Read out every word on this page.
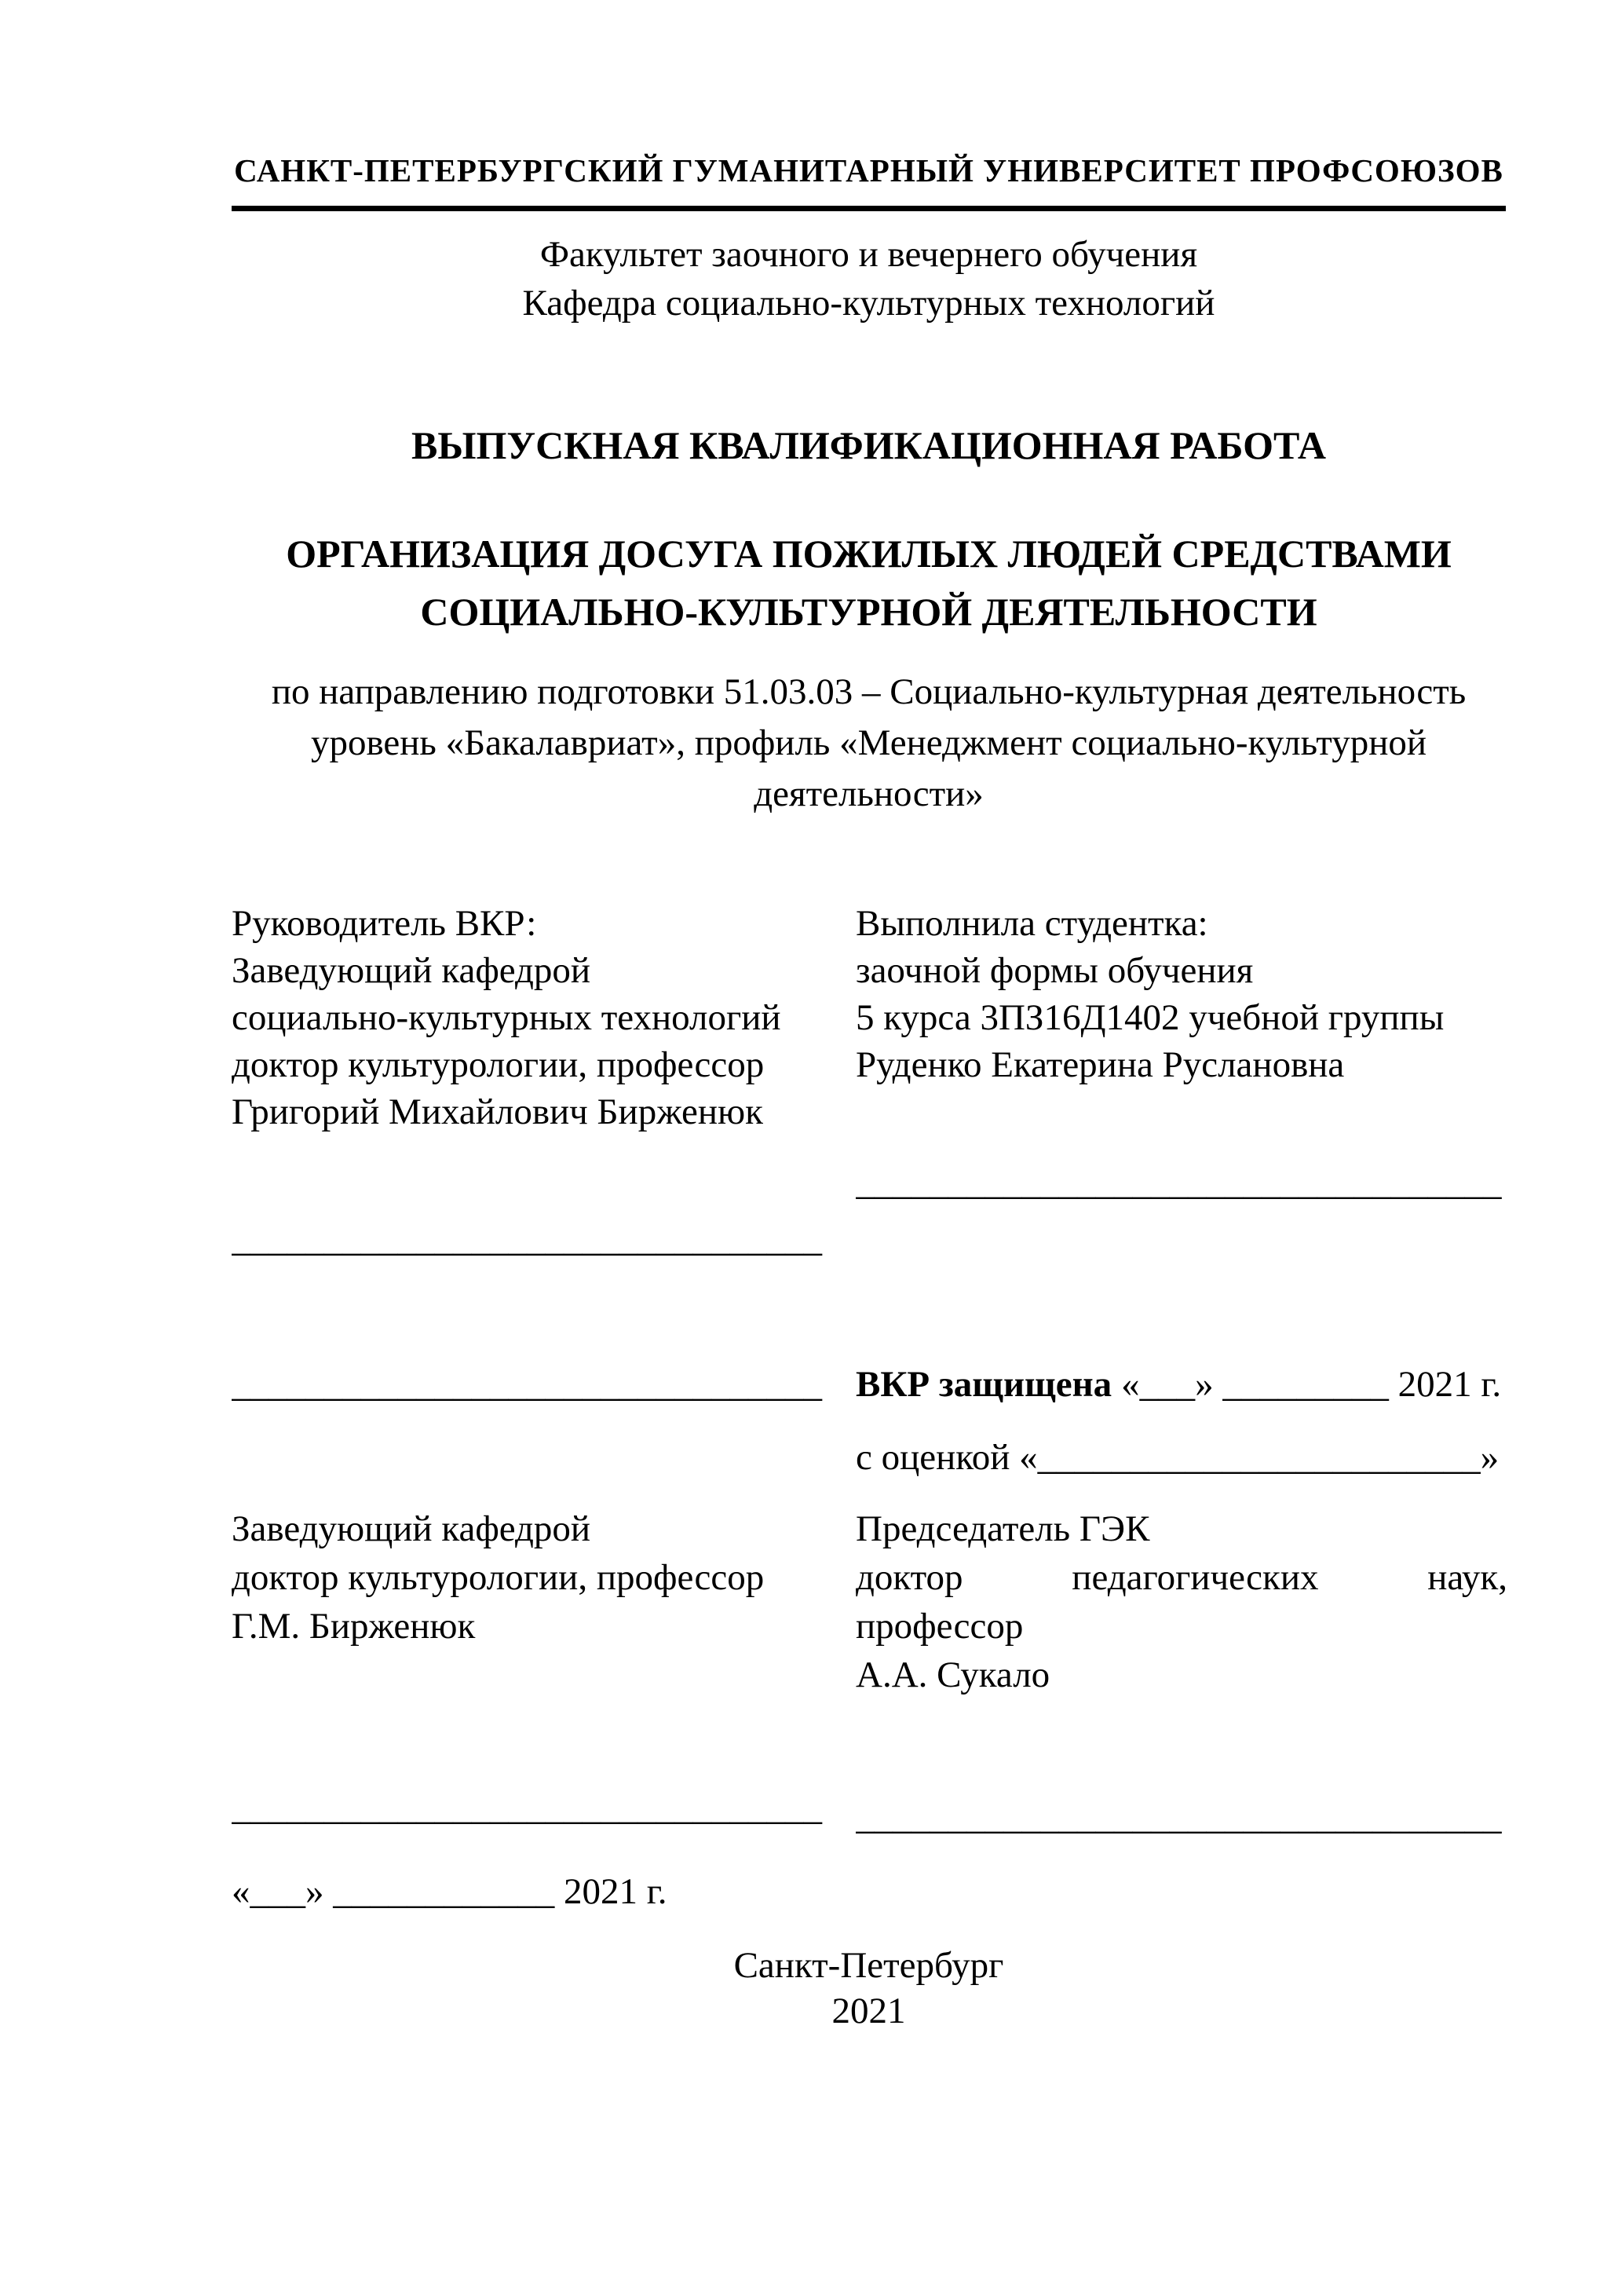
САНКТ-ПЕТЕРБУРГСКИЙ ГУМАНИТАРНЫЙ УНИВЕРСИТЕТ ПРОФСОЮЗОВ
Факультет заочного и вечернего обучения
Кафедра социально-культурных технологий
ВЫПУСКНАЯ КВАЛИФИКАЦИОННАЯ РАБОТА
ОРГАНИЗАЦИЯ ДОСУГА ПОЖИЛЫХ ЛЮДЕЙ СРЕДСТВАМИ
СОЦИАЛЬНО-КУЛЬТУРНОЙ ДЕЯТЕЛЬНОСТИ
по направлению подготовки 51.03.03 – Социально-культурная деятельность
уровень «Бакалавриат», профиль «Менеджмент социально-культурной
деятельности»
Руководитель ВКР:
Заведующий кафедрой
социально-культурных технологий
доктор культурологии, профессор
Григорий Михайлович Бирженюк
Выполнила студентка:
заочной формы обучения
5 курса 3ПЗ16Д1402 учебной группы
Руденко Екатерина Руслановна
___________________________________
________________________________
________________________________ ВКР защищена «___» _________ 2021 г.
с оценкой «________________________»
Заведующий кафедрой
доктор культурологии, профессор
Г.М. Бирженюк
Председатель ГЭК
доктор	педагогических	наук,
профессор
А.А. Сукало
________________________________ ___________________________________
«___» ____________ 2021 г.
Санкт-Петербург
2021
